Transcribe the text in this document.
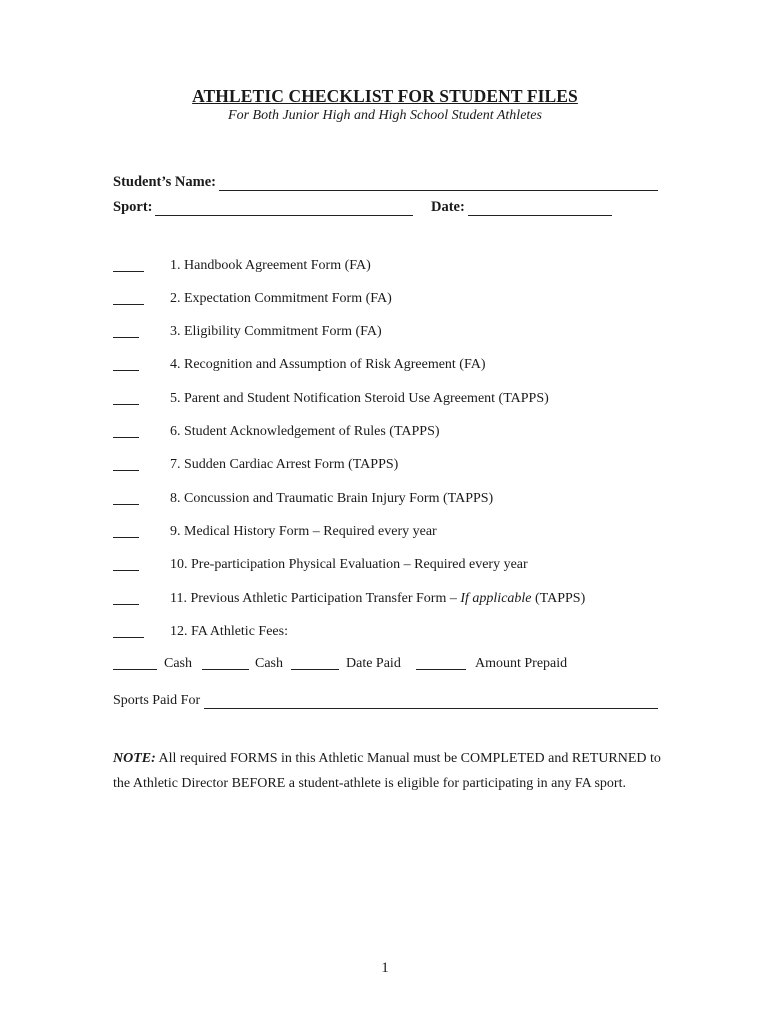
ATHLETIC CHECKLIST FOR STUDENT FILES
For Both Junior High and High School Student Athletes
Student’s Name:
Sport:	Date:
1. Handbook Agreement Form (FA)
2. Expectation Commitment Form (FA)
3. Eligibility Commitment Form (FA)
4. Recognition and Assumption of Risk Agreement (FA)
5. Parent and Student Notification Steroid Use Agreement (TAPPS)
6. Student Acknowledgement of Rules (TAPPS)
7. Sudden Cardiac Arrest Form (TAPPS)
8. Concussion and Traumatic Brain Injury Form (TAPPS)
9. Medical History Form – Required every year
10. Pre-participation Physical Evaluation – Required every year
11. Previous Athletic Participation Transfer Form – If applicable (TAPPS)
12. FA Athletic Fees:
Cash	Cash	Date Paid	Amount Prepaid
Sports Paid For
NOTE: All required FORMS in this Athletic Manual must be COMPLETED and RETURNED to the Athletic Director BEFORE a student-athlete is eligible for participating in any FA sport.
1
